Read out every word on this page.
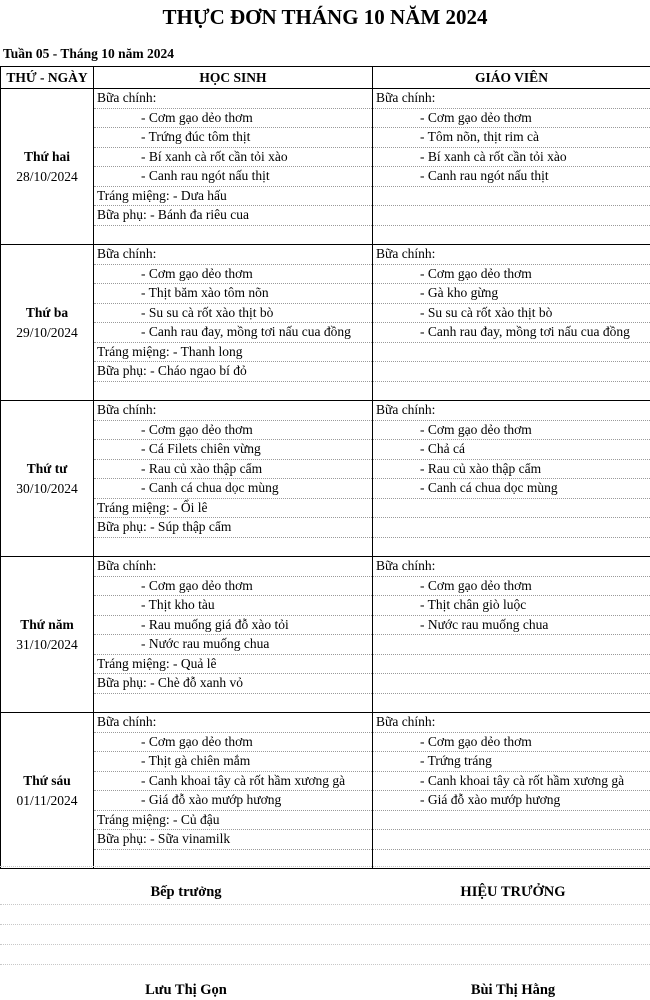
THỰC ĐƠN THÁNG 10 NĂM 2024
Tuần 05 - Tháng 10 năm 2024
THỨ - NGÀY	HỌC SINH	GIÁO VIÊN

Thứ hai
28/10/2024	Bữa chính:	Bữa chính:
	- Cơm gạo dẻo thơm	- Cơm gạo dẻo thơm
	- Trứng đúc tôm thịt	- Tôm nõn, thịt rim cà
	- Bí xanh cà rốt cần tỏi xào	- Bí xanh cà rốt cần tỏi xào
	- Canh rau ngót nấu thịt	- Canh rau ngót nấu thịt
	Tráng miệng: - Dưa hấu	
	Bữa phụ: - Bánh đa riêu cua	

Thứ ba
29/10/2024	Bữa chính:	Bữa chính:
	- Cơm gạo dẻo thơm	- Cơm gạo dẻo thơm
	- Thịt băm xào tôm nõn	- Gà kho gừng
	- Su su cà rốt xào thịt bò	- Su su cà rốt xào thịt bò
	- Canh rau đay, mồng tơi nấu cua đồng	- Canh rau đay, mồng tơi nấu cua đồng
	Tráng miệng: - Thanh long	
	Bữa phụ: - Cháo ngao bí đỏ	

Thứ tư
30/10/2024	Bữa chính:	Bữa chính:
	- Cơm gạo dẻo thơm	- Cơm gạo dẻo thơm
	- Cá Filets chiên vừng	- Chả cá
	- Rau củ xào thập cẩm	- Rau củ xào thập cẩm
	- Canh cá chua dọc mùng	- Canh cá chua dọc mùng
	Tráng miệng: - Ổi lê	
	Bữa phụ: - Súp thập cẩm	

Thứ năm
31/10/2024	Bữa chính:	Bữa chính:
	- Cơm gạo dẻo thơm	- Cơm gạo dẻo thơm
	- Thịt kho tàu	- Thịt chân giò luộc
	- Rau muống giá đỗ xào tỏi	- Nước rau muống chua
	- Nước rau muống chua	
	Tráng miệng: - Quả lê	
	Bữa phụ: - Chè đỗ xanh vỏ	

Thứ sáu
01/11/2024	Bữa chính:	Bữa chính:
	- Cơm gạo dẻo thơm	- Cơm gạo dẻo thơm
	- Thịt gà chiên mắm	- Trứng tráng
	- Canh khoai tây cà rốt hầm xương gà	- Canh khoai tây cà rốt hầm xương gà
	- Giá đỗ xào mướp hương	- Giá đỗ xào mướp hương
	Tráng miệng: - Củ đậu	
	Bữa phụ: - Sữa vinamilk	

Bếp trưởng	HIỆU TRƯỞNG
Lưu Thị Gọn	Bùi Thị Hằng
